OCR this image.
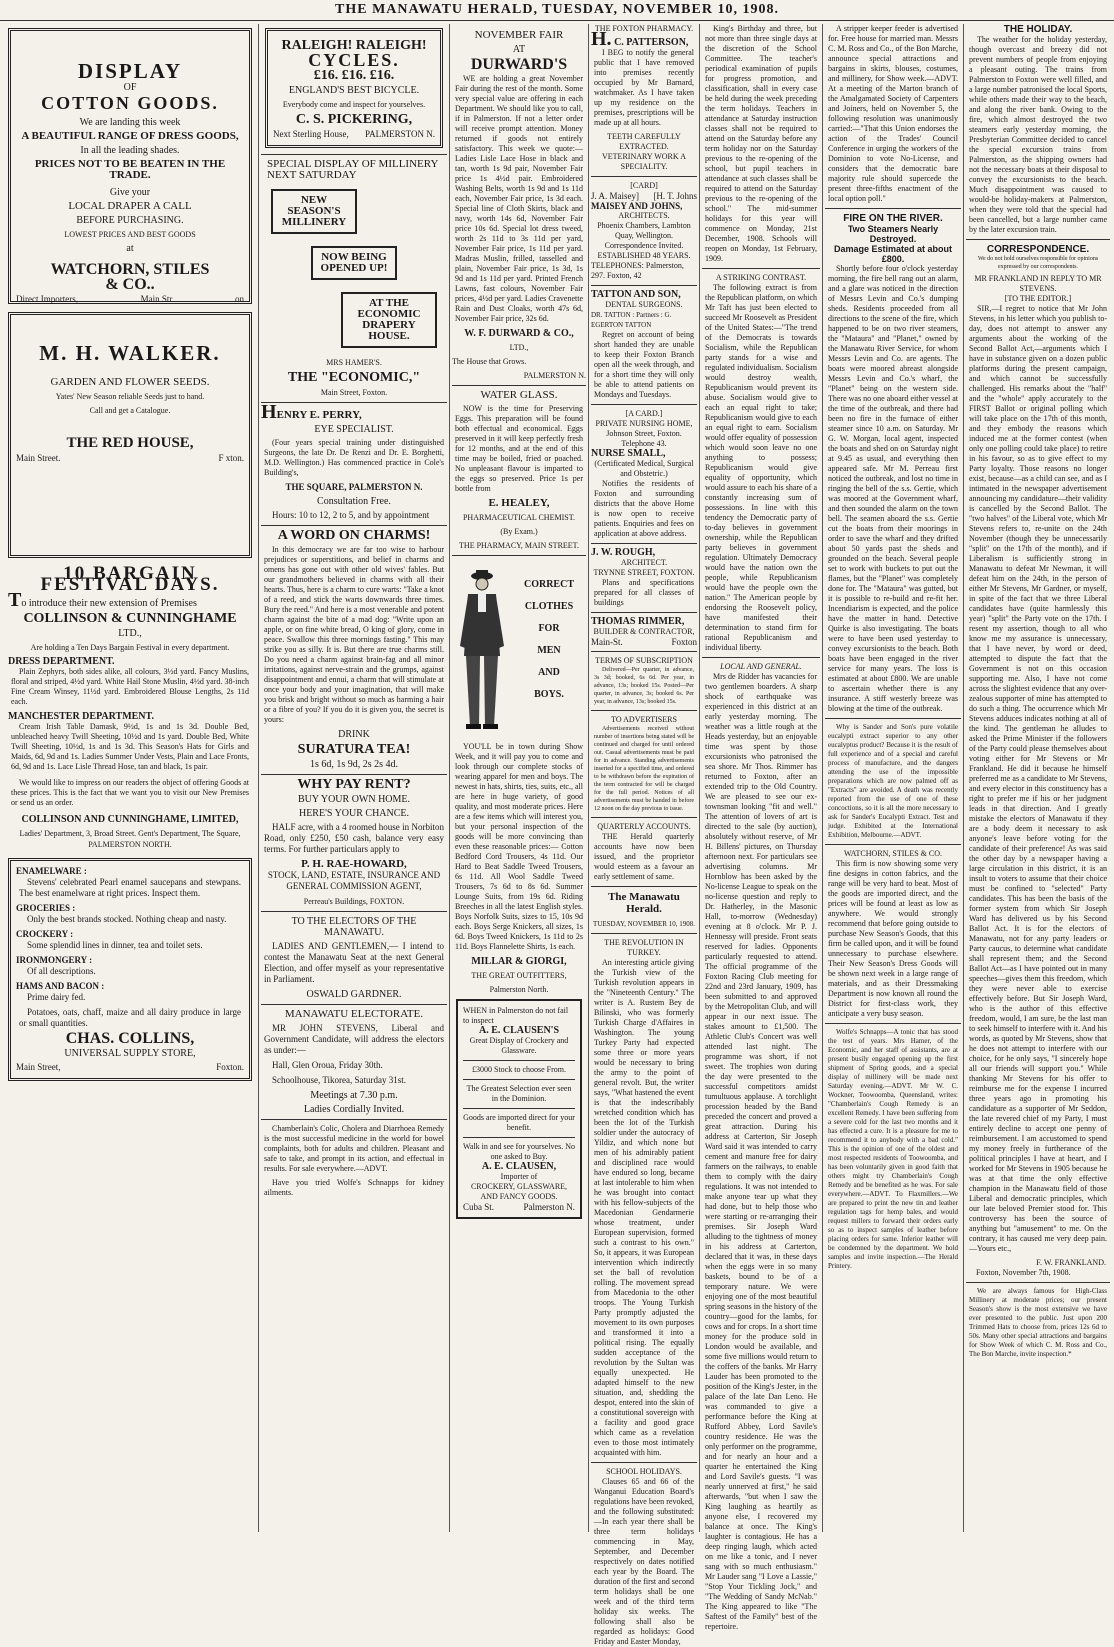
THE MANAWATU HERALD, TUESDAY, NOVEMBER 10, 1908.
DISPLAY
OF
COTTON GOODS.
We are landing this week
A BEAUTIFUL RANGE OF DRESS GOODS,
In all the leading shades.
PRICES NOT TO BE BEATEN IN THE TRADE.
Give your
LOCAL DRAPER A CALL
BEFORE PURCHASING.
LOWEST PRICES AND BEST GOODS
at
WATCHORN, STILES
& CO..
Direct Importers,	Main Str	on
M. H. WALKER.
GARDEN AND FLOWER SEEDS.
Yates' New Season reliable Seeds just to hand.
Call and get a Catalogue.
THE RED HOUSE,
Main Street.	F xton.
10 BARGAIN FESTIVAL DAYS.
To introduce their new extension of Premises
COLLINSON & CUNNINGHAME
LTD.,
Are holding a Ten Days Bargain Festival in every department.
DRESS DEPARTMENT.
Plain Zephyrs, both sides alike, all colours, 3½d yard. Fancy Muslins, floral and striped, 4½d yard. White Hail Stone Muslin, 4½d yard. 38-inch Fine Cream Winsey, 11½d yard. Embroidered Blouse Lengths, 2s 11d each.
MANCHESTER DEPARTMENT.
Cream Irish Table Damask, 9½d, 1s and 1s 3d. Double Bed, unbleached heavy Twill Sheeting, 10½d and 1s yard. Double Bed, White Twill Sheeting, 10½d, 1s and 1s 3d. This Season's Hats for Girls and Maids, 6d, 9d and 1s. Ladies Summer Under Vests, Plain and Lace Fronts, 6d, 9d and 1s. Lace Lisle Thread Hose, tan and black, 1s pair.
We would like to impress on our readers the object of offering Goods at these prices. This is the fact that we want you to visit our New Premises or send us an order.
COLLINSON AND CUNNINGHAME, LIMITED,
Ladies' Department, 3, Broad Street. Gent's Department, The Square, PALMERSTON NORTH.
ENAMELWARE :
Stevens' celebrated Pearl enamel saucepans and stewpans. The best enamelware at right prices. Inspect them.
GROCERIES :
Only the best brands stocked. Nothing cheap and nasty.
CROCKERY :
Some splendid lines in dinner, tea and toilet sets.
IRONMONGERY :
Of all descriptions.
HAMS AND BACON :
Prime dairy fed.
Potatoes, oats, chaff, maize and all dairy produce in large or small quantities.
CHAS. COLLINS,
UNIVERSAL SUPPLY STORE,
Main Street,	Foxton.
RALEIGH! RALEIGH!
CYCLES.
£16. £16. £16.
ENGLAND'S BEST BICYCLE.
Everybody come and inspect for yourselves.
C. S. PICKERING,
Next Sterling House, PALMERSTON N.
SPECIAL DISPLAY OF MILLINERY NEXT SATURDAY
NEW SEASON'S MILLINERY NOW BEING OPENED UP! AT THE ECONOMIC DRAPERY HOUSE.
MRS HAMER'S.
THE "ECONOMIC,"
Main Street, Foxton.
HENRY E. PERRY,
EYE SPECIALIST.
(Four years special training under distinguished Surgeons, the late Dr. De Renzi and Dr. E. Borghetti, M.D. Wellington.) Has commenced practice in Cole's Building's,
THE SQUARE, PALMERSTON N.
Consultation Free.
Hours: 10 to 12, 2 to 5, and by appointment
A WORD ON CHARMS!
In this democracy we are far too wise to harbour prejudices or superstitions, and belief in charms and omens has gone out with other old wives' fables. But our grandmothers believed in charms with all their hearts. Thus, here is a charm to cure warts: "Take a knot of a reed, and stick the warts downwards three times. Bury the reed." And here is a most venerable and potent charm against the bite of a mad dog: "Write upon an apple, or on fine white bread, O king of glory, come in peace. Swallow this three mornings fasting." This may strike you as silly. It is. But there are true charms still. Do you need a charm against brain-fag and all minor irritations, against nerve-strain and the grumps, against disappointment and ennui, a charm that will stimulate at once your body and your imagination, that will make you brisk and bright without so much as harming a hair or a fibre of you? If you do it is given you, the secret is yours:
DRINK
SURATURA TEA!
1s 6d, 1s 9d, 2s 2s 4d.
WHY PAY RENT?
BUY YOUR OWN HOME.
HERE'S YOUR CHANCE.
HALF acre, with a 4 roomed house in Norbiton Road, only £250, £50 cash, balance very easy terms. For further particulars apply to
P. H. RAE-HOWARD,
STOCK, LAND, ESTATE, INSURANCE AND GENERAL COMMISSION AGENT,
Perreau's Buildings, FOXTON.
TO THE ELECTORS OF THE MANAWATU.
LADIES AND GENTLEMEN,— I intend to contest the Manawatu Seat at the next General Election, and offer myself as your representative in Parliament.
OSWALD GARDNER.
MANAWATU ELECTORATE.
MR JOHN STEVENS, Liberal and Government Candidate, will address the electors as under:—
Hall, Glen Oroua, Friday 30th.
Schoolhouse, Tikorea, Saturday 31st.
Meetings at 7.30 p.m.
Ladies Cordially Invited.
Chamberlain's Colic, Cholera and Diarrhoea Remedy is the most successful medicine in the world for bowel complaints, both for adults and children. Pleasant and safe to take, and prompt in its action, and effectual in results. For sale everywhere.—ADVT.
Have you tried Wolfe's Schnapps for kidney ailments.
NOVEMBER FAIR
AT
DURWARD'S
WE are holding a great November Fair during the rest of the month. Some very special value are offering in each Department. We should like you to call, if in Palmerston. If not a letter order will receive prompt attention. Money returned if goods not entirely satisfactory. This week we quote:— Ladies Lisle Lace Hose in black and tan, worth 1s 9d pair, November Fair price 1s 4½d pair. Embroidered Washing Belts, worth 1s 9d and 1s 11d each, November Fair price, 1s 3d each. Special line of Cloth Skirts, black and navy, worth 14s 6d, November Fair price 10s 6d. Special lot dress tweed, worth 2s 11d to 3s 11d per yard, November Fair price, 1s 11d per yard. Madras Muslin, frilled, tasselled and plain, November Fair price, 1s 3d, 1s 9d and 1s 11d per yard. Printed French Lawns, fast colours, November Fair prices, 4½d per yard. Ladies Cravenette Rain and Dust Cloaks, worth 47s 6d, November Fair price, 32s 6d.
W. F. DURWARD & CO.,
LTD.,
The House that Grows.
PALMERSTON N.
WATER GLASS.
NOW is the time for Preserving Eggs. This preparation will be found both effectual and economical. Eggs preserved in it will keep perfectly fresh for 12 months, and at the end of this time may be boiled, fried or poached. No unpleasant flavour is imparted to the eggs so preserved. Price 1s per bottle from
E. HEALEY,
PHARMACEUTICAL CHEMIST.
(By Exam.)
THE PHARMACY, MAIN STREET.
CORRECT
CLOTHES
FOR
MEN
AND
BOYS.
YOU'LL be in town during Show Week, and it will pay you to come and look through our complete stocks of wearing apparel for men and boys. The newest in hats, shirts, ties, suits, etc., all are here in huge variety, of good quality, and most moderate prices. Here are a few items which will interest you, but your personal inspection of the goods will be more convincing than even these reasonable prices:— Cotton Bedford Cord Trousers, 4s 11d. Our Hard to Beat Saddle Tweed Trousers, 6s 11d. All Wool Saddle Tweed Trousers, 7s 6d to 8s 6d. Summer Lounge Suits, from 19s 6d. Riding Breeches in all the latest English styles. Boys Norfolk Suits, sizes to 15, 10s 9d each. Boys Serge Knickers, all sizes, 1s 6d. Boys Tweed Knickers, 1s 11d to 2s 11d. Boys Flannelette Shirts, 1s each.
MILLAR & GIORGI,
THE GREAT OUTFITTERS,
Palmerston North.
WHEN in Palmerston do not fail to inspect
A. E. CLAUSEN'S
Great Display of Crockery and Glassware.
£3000 Stock to choose From.
The Greatest Selection ever seen in the Dominion.
Goods are imported direct for your benefit.
Walk in and see for yourselves. No one asked to Buy.
A. E. CLAUSEN,
Importer of
CROCKERY, GLASSWARE, AND FANCY GOODS.
Cuba St.	Palmerston N.
THE FOXTON PHARMACY.
H. C. PATTERSON,
I BEG to notify the general public that I have removed into premises recently occupied by Mr Barnard, watchmaker. As I have taken up my residence on the premises, prescriptions will be made up at all hours.
TEETH CAREFULLY EXTRACTED. VETERINARY WORK A SPECIALITY.
[CARD]
J. A. Maisey] [H. T. Johns
MAISEY AND JOHNS,
ARCHITECTS.
Phoenix Chambers, Lambton Quay, Wellington.
Correspondence Invited.
ESTABLISHED 48 YEARS.
TELEPHONES: Palmerston, 297. Foxton, 42
TATTON AND SON,
DENTAL SURGEONS.
DR. TATTON : Partners : G. EGERTON TATTON
Regret on account of being short handed they are unable to keep their Foxton Branch open all the week through, and for a short time they will only be able to attend patients on Mondays and Tuesdays.
[A CARD.]
PRIVATE NURSING HOME,
Johnson Street, Foxton.
Telephone 43.
NURSE SMALL,
(Certificated Medical, Surgical and Obstetric.)
Notifies the residents of Foxton and surrounding districts that the above Home is now open to receive patients. Enquiries and fees on application at above address.
J. W. ROUGH,
ARCHITECT.
TRYNNE STREET, FOXTON.
Plans and specifications prepared for all classes of buildings
THOMAS RIMMER,
BUILDER & CONTRACTOR,
Main-St.	Foxton
TERMS OF SUBSCRIPTION
Delivered—Per quarter, in advance, 3s 3d; booked, 6s 6d. Per year, in advance, 13s; booked 15s. Posted—Per quarter, in advance, 3s; booked 6s. Per year, in advance, 13s; booked 15s.
TO ADVERTISERS
Advertisements received without number of insertions being stated will be continued and charged for until ordered out. Casual advertisements must be paid for in advance. Standing advertisements inserted for a specified time, and ordered to be withdrawn before the expiration of the term contracted for will be charged for the full period. Notices of all advertisements must be handed in before 12 noon on the day previous to issue.
QUARTERLY ACCOUNTS.
THE Herald quarterly accounts have now been issued, and the proprietor would esteem as a favour an early settlement of same.
The Manawatu Herald.
TUESDAY, NOVEMBER 10, 1908.
THE REVOLUTION IN TURKEY.
An interesting article giving the Turkish view of the Turkish revolution appears in the "Nineteenth Century." The writer is A. Rustem Bey de Bilinski, who was formerly Turkish Charge d'Affaires in Washington. The young Turkey Party had expected some three or more years would be necessary to bring the army to the point of general revolt. But, the writer says, "What hastened the event is that the indescribably wretched condition which has been the lot of the Turkish soldier under the autocracy of Yildiz, and which none but men of his admirably patient and disciplined race would have endured so long, became at last intolerable to him when he was brought into contact with his fellow-subjects of the Macedonian Gendarmerie whose treatment, under European supervision, formed such a contrast to his own." So, it appears, it was European intervention which indirectly set the ball of revolution rolling. The movement spread from Macedonia to the other troops. The Young Turkish Party promptly adjusted the movement to its own purposes and transformed it into a political rising. The equally sudden acceptance of the revolution by the Sultan was equally unexpected. He adapted himself to the new situation, and, shedding the despot, entered into the skin of a constitutional sovereign with a facility and good grace which came as a revelation even to those most intimately acquainted with him.
SCHOOL HOLIDAYS.
Clauses 65 and 66 of the Wanganui Education Board's regulations have been revoked, and the following substituted:—In each year there shall be three term holidays commencing in May, September, and December respectively on dates notified each year by the Board. The duration of the first and second term holidays shall be one week and of the third term holiday six weeks. The following shall also be regarded as holidays: Good Friday and Easter Monday,
King's Birthday and three, but not more than three single days at the discretion of the School Committee. The teacher's periodical examination of pupils for progress promotion, and classification, shall in every case be held during the week preceding the term holidays. Teachers in attendance at Saturday instruction classes shall not be required to attend on the Saturday before any term holiday nor on the Saturday previous to the re-opening of the school, but pupil teachers in attendance at such classes shall be required to attend on the Saturday previous to the re-opening of the school." The mid-summer holidays for this year will commence on Monday, 21st December, 1908. Schools will reopen on Monday, 1st February, 1909.
A STRIKING CONTRAST.
The following extract is from the Republican platform, on which Mr Taft has just been elected to succeed Mr Roosevelt as President of the United States:—"The trend of the Democrats is towards Socialism, while the Republican party stands for a wise and regulated individualism. Socialism would destroy wealth, Republicanism would prevent its abuse. Socialism would give to each an equal right to take; Republicanism would give to each an equal right to earn. Socialism would offer equality of possession which would soon leave no one anything to possess; Republicanism would give equality of opportunity, which would assure to each his share of a constantly increasing sum of possessions. In line with this tendency the Democratic party of to-day believes in government ownership, while the Republican party believes in government regulation. Ultimately Democracy would have the nation own the people, while Republicanism would have the people own the nation." The American people by endorsing the Roosevelt policy, have manifested their determination to stand firm for rational Republicanism and individual liberty.
LOCAL AND GENERAL.
Mrs de Ridder has vacancies for two gentlemen boarders. A sharp shock of earthquake was experienced in this district at an early yesterday morning. The weather was a little rough at the Heads yesterday, but an enjoyable time was spent by those excursionists who patronised the sea shore. Mr Thos. Rimmer has returned to Foxton, after an extended trip to the Old Country. We are pleased to see our ex-townsman looking "fit and well." The attention of lovers of art is directed to the sale (by auction), absolutely without reserve, of Mr H. Billens' pictures, on Thursday afternoon next. For particulars see advertising columns. Mr Hornblow has been asked by the No-license League to speak on the no-license question and reply to Dr. Hatherley, in the Masonic Hall, to-morrow (Wednesday) evening at 8 o'clock. Mr P. J. Hennessy will preside. Front seats reserved for ladies. Opponents particularly requested to attend. The official programme of the Foxton Racing Club meeting for 22nd and 23rd January, 1909, has been submitted to and approved by the Metropolitan Club, and will appear in our next issue. The stakes amount to £1,500. The Athletic Club's Concert was well attended last night. The programme was short, if not sweet. The trophies won during the day were presented to the successful competitors amidst tumultuous applause. A torchlight procession headed by the Band preceded the concert and proved a great attraction. During his address at Carterton, Sir Joseph Ward said it was intended to carry cement and manure free for dairy farmers on the railways, to enable them to comply with the dairy regulations. It was not intended to make anyone tear up what they had done, but to help those who were starting or re-arranging their premises. Sir Joseph Ward alluding to the tightness of money in his address at Carterton, declared that it was, in these days when the eggs were in so many baskets, bound to be of a temporary nature. We were enjoying one of the most beautiful spring seasons in the history of the country—good for the lambs, for cows and for crops. In a short time money for the produce sold in London would be available, and some five millions would return to the coffers of the banks. Mr Harry Lauder has been promoted to the position of the King's Jester, in the palace of the late Dan Leno. He was commanded to give a performance before the King at Rufford Abbey, Lord Savile's country residence. He was the only performer on the programme, and for nearly an hour and a quarter he entertained the King and Lord Savile's guests. "I was nearly unnerved at first," he said afterwards, "but when I saw the King laughing as heartily as anyone else, I recovered my balance at once. The King's laughter is contagious. He has a deep ringing laugh, which acted on me like a tonic, and I never sang with so much enthusiasm." Mr Lauder sang "I Love a Lassie," "Stop Your Tickling Jock," and "The Wedding of Sandy McNab." The King appeared to like "The Saftest of the Family" best of the repertoire.
A stripper keeper feeder is advertised for. Free house for married man. Messrs C. M. Ross and Co., of the Bon Marche, announce special attractions and bargains in skirts, blouses, costumes, and millinery, for Show week.—ADVT. At a meeting of the Marton branch of the Amalgamated Society of Carpenters and Joiners, held on November 5, the following resolution was unanimously carried:—"That this Union endorses the action of the Trades' Council Conference in urging the workers of the Dominion to vote No-License, and considers that the democratic bare majority rule should supercede the present three-fifths enactment of the local option poll."
FIRE ON THE RIVER.
Two Steamers Nearly Destroyed.
Damage Estimated at about £800.
Shortly before four o'clock yesterday morning, the fire bell rang out an alarm, and a glare was noticed in the direction of Messrs Levin and Co.'s dumping sheds. Residents proceeded from all directions to the scene of the fire, which happened to be on two river steamers, the "Mataura" and "Planet," owned by the Manawatu River Service, for whom Messrs Levin and Co. are agents. The boats were moored abreast alongside Messrs Levin and Co.'s wharf, the "Planet" being on the western side. There was no one aboard either vessel at the time of the outbreak, and there had been no fire in the furnace of either steamer since 10 a.m. on Saturday. Mr G. W. Morgan, local agent, inspected the boats and shed on on Saturday night at 9.45 as usual, and everything then appeared safe. Mr M. Perreau first noticed the outbreak, and lost no time in ringing the bell of the s.s. Gertie, which was moored at the Government wharf, and then sounded the alarm on the town bell. The seamen aboard the s.s. Gertie cut the boats from their moorings in order to save the wharf and they drifted about 50 yards past the sheds and grounded on the beach. Several people set to work with buckets to put out the flames, but the "Planet" was completely done for. The "Mataura" was gutted, but it is possible to re-build and re-fit her. Incendiarism is expected, and the police have the matter in hand. Detective Quirke is also investigating. The boats were to have been used yesterday to convey excursionists to the beach. Both boats have been engaged in the river service for many years. The loss is estimated at about £800. We are unable to ascertain whether there is any insurance. A stiff westerly breeze was blowing at the time of the outbreak.
Why is Sander and Son's pure volatile eucalypti extract superior to any other eucalyptus product? Because it is the result of full experience and of a special and careful process of manufacture, and the dangers attending the use of the impossible preparations which are now palmed off as "Extracts" are avoided. A death was recently reported from the use of one of these concoctions, so it is all the more necessary to ask for Sander's Eucalypti Extract. Test and judge. Exhibited at the International Exhibition, Melbourne.—ADVT.
WATCHORN, STILES & CO.
This firm is now showing some very fine designs in cotton fabrics, and the range will be very hard to beat. Most of the goods are imported direct, and the prices will be found at least as low as anywhere. We would strongly recommend that before going outside to purchase New Season's Goods, that this firm be called upon, and it will be found unnecessary to purchase elsewhere. Their New Season's Dress Goods will be shown next week in a large range of materials, and as their Dressmaking Department is now known all round the District for first-class work, they anticipate a very busy season.
Wolfe's Schnapps—A tonic that has stood the test of years. Mrs Hamer, of the Economic, and her staff of assistants, are at present busily engaged opening up the first shipment of Spring goods, and a special display of millinery will be made next Saturday evening.—ADVT. Mr W. C. Wockner, Toowoomba, Queensland, writes: "Chamberlain's Cough Remedy is an excellent Remedy. I have been suffering from a severe cold for the last two months and it has effected a cure. It is a pleasure for me to recommend it to anybody with a bad cold." This is the opinion of one of the oldest and most respected residents of Toowoomba, and has been voluntarily given in good faith that others might try Chamberlain's Cough Remedy and be benefited as he was. For sale everywhere.—ADVT. To Flaxmillers.—We are prepared to print the new tin and leather regulation tags for hemp bales, and would request millers to forward their orders early so as to inspect samples of leather before placing orders for same. Inferior leather will be condemned by the department. We hold samples and invite inspection.—The Herald Printery.
THE HOLIDAY.
The weather for the holiday yesterday, though overcast and breezy did not prevent numbers of people from enjoying a pleasant outing. The trains from Palmerston to Foxton were well filled, and a large number patronised the local Sports, while others made their way to the beach, and along the river bank. Owing to the fire, which almost destroyed the two steamers early yesterday morning, the Presbyterian Committee decided to cancel the special excursion trains from Palmerston, as the shipping owners had not the necessary boats at their disposal to convey the excursionists to the beach. Much disappointment was caused to would-be holiday-makers at Palmerston, when they were told that the special had been cancelled, but a large number came by the later excursion train.
CORRESPONDENCE.
We do not hold ourselves responsible for opinions expressed by our correspondents.
MR FRANKLAND IN REPLY TO MR STEVENS.
[TO THE EDITOR.]
SIR,—I regret to notice that Mr John Stevens, in his letter which you publish to-day, does not attempt to answer any arguments about the working of the Second Ballot Act,—arguments which I have in substance given on a dozen public platforms during the present campaign, and which cannot be successfully challenged. His remarks about the "half" and the "whole" apply accurately to the FIRST Ballot or original polling which will take place on the 17th of this month, and they embody the reasons which induced me at the former contest (when only one polling could take place) to retire in his favour, so as to give effect to my Party loyalty. Those reasons no longer exist, because—as a child can see, and as I intimated in the newspaper advertisement announcing my candidature—their validity is cancelled by the Second Ballot. The "two halves" of the Liberal vote, which Mr Stevens refers to, re-unite on the 24th November (though they be unnecessarily "split" on the 17th of the month), and if Liberalism is sufficiently strong in Manawatu to defeat Mr Newman, it will defeat him on the 24th, in the person of either Mr Stevens, Mr Gardner, or myself, in spite of the fact that we three Liberal candidates have (quite harmlessly this year) "split" the Party vote on the 17th. I resent my assertion, though to all who know me my assurance is unnecessary, that I have never, by word or deed, attempted to dispute the fact that the Government is not on this occasion supporting me. Also, I have not come across the slightest evidence that any over-zealous supporter of mine has attempted to do such a thing. The occurrence which Mr Stevens adduces indicates nothing at all of the kind. The gentleman he alludes to asked the Prime Minister if the followers of the Party could please themselves about voting either for Mr Stevens or Mr Frankland. He did it because he himself preferred me as a candidate to Mr Stevens, and every elector in this constituency has a right to prefer me if his or her judgment leads in that direction. And I greatly mistake the electors of Manawatu if they are a body deem it necessary to ask anyone's leave before voting for the candidate of their preference! As was said the other day by a newspaper having a large circulation in this district, it is an insult to voters to assume that their choice must be confined to "selected" Party candidates. This has been the basis of the former system from which Sir Joseph Ward has delivered us by his Second Ballot Act. It is for the electors of Manawatu, not for any party leaders or Party caucus, to determine what candidate shall represent them; and the Second Ballot Act—as I have pointed out in many speeches—gives them this freedom, which they were never able to exercise effectively before. But Sir Joseph Ward, who is the author of this effective freedom, would, I am sure, be the last man to seek himself to interfere with it. And his words, as quoted by Mr Stevens, show that he does not attempt to interfere with our choice, for he only says, "I sincerely hope all our friends will support you." While thanking Mr Stevens for his offer to reimburse me for the expense I incurred three years ago in promoting his candidature as a supporter of Mr Seddon, the late revered chief of my Party, I must entirely decline to accept one penny of reimbursement. I am accustomed to spend my money freely in furtherance of the political principles I have at heart, and I worked for Mr Stevens in 1905 because he was at that time the only effective champion in the Manawatu field of those Liberal and democratic principles, which our late beloved Premier stood for. This controversy has been the source of anything but "amusement" to me. On the contrary, it has caused me very deep pain.—Yours etc.,
F. W. FRANKLAND.
Foxton, November 7th, 1908.
We are always famous for High-Class Millinery at moderate prices; our present Season's show is the most extensive we have ever presented to the public. Just upon 200 Trimmed Hats to choose from, prices 12s 6d to 50s. Many other special attractions and bargains for Show Week of which C. M. Ross and Co., The Bon Marche, invite inspection.*
